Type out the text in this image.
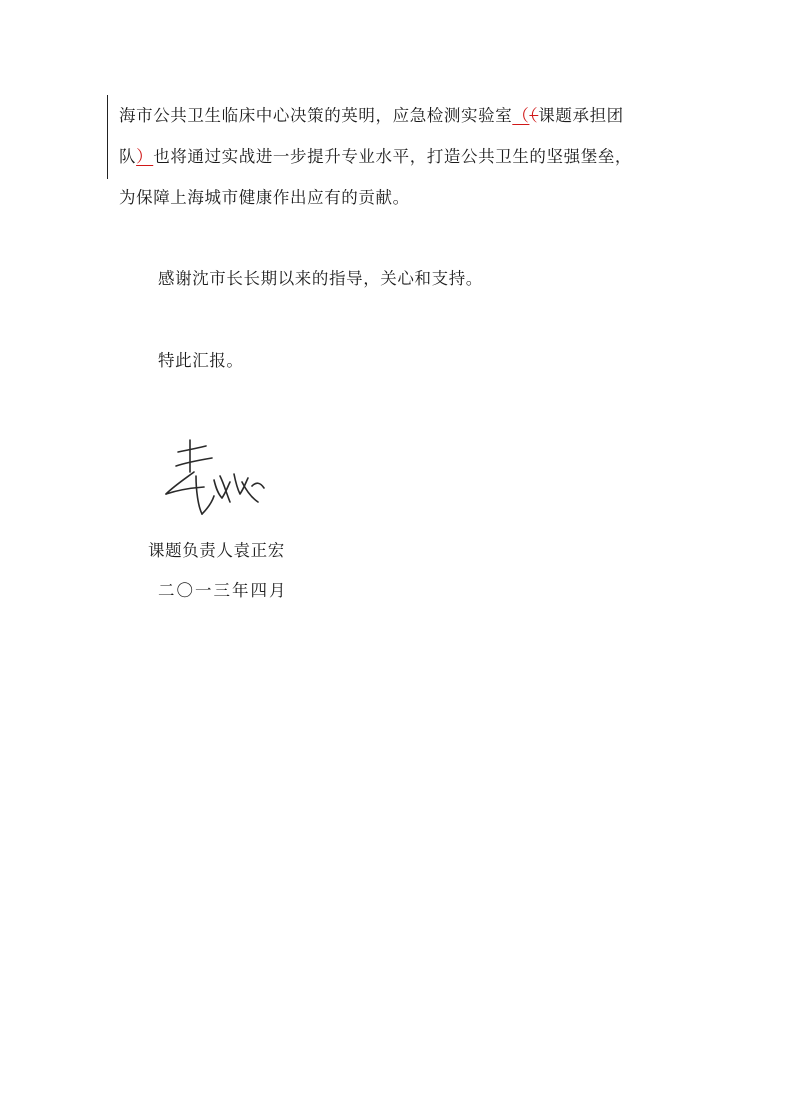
海市公共卫生临床中心决策的英明，应急检测实验室（（课题承担团
队）也将通过实战进一步提升专业水平，打造公共卫生的坚强堡垒，
为保障上海城市健康作出应有的贡献。
感谢沈市长长期以来的指导，关心和支持。
特此汇报。
课题负责人袁正宏
二〇一三年四月
